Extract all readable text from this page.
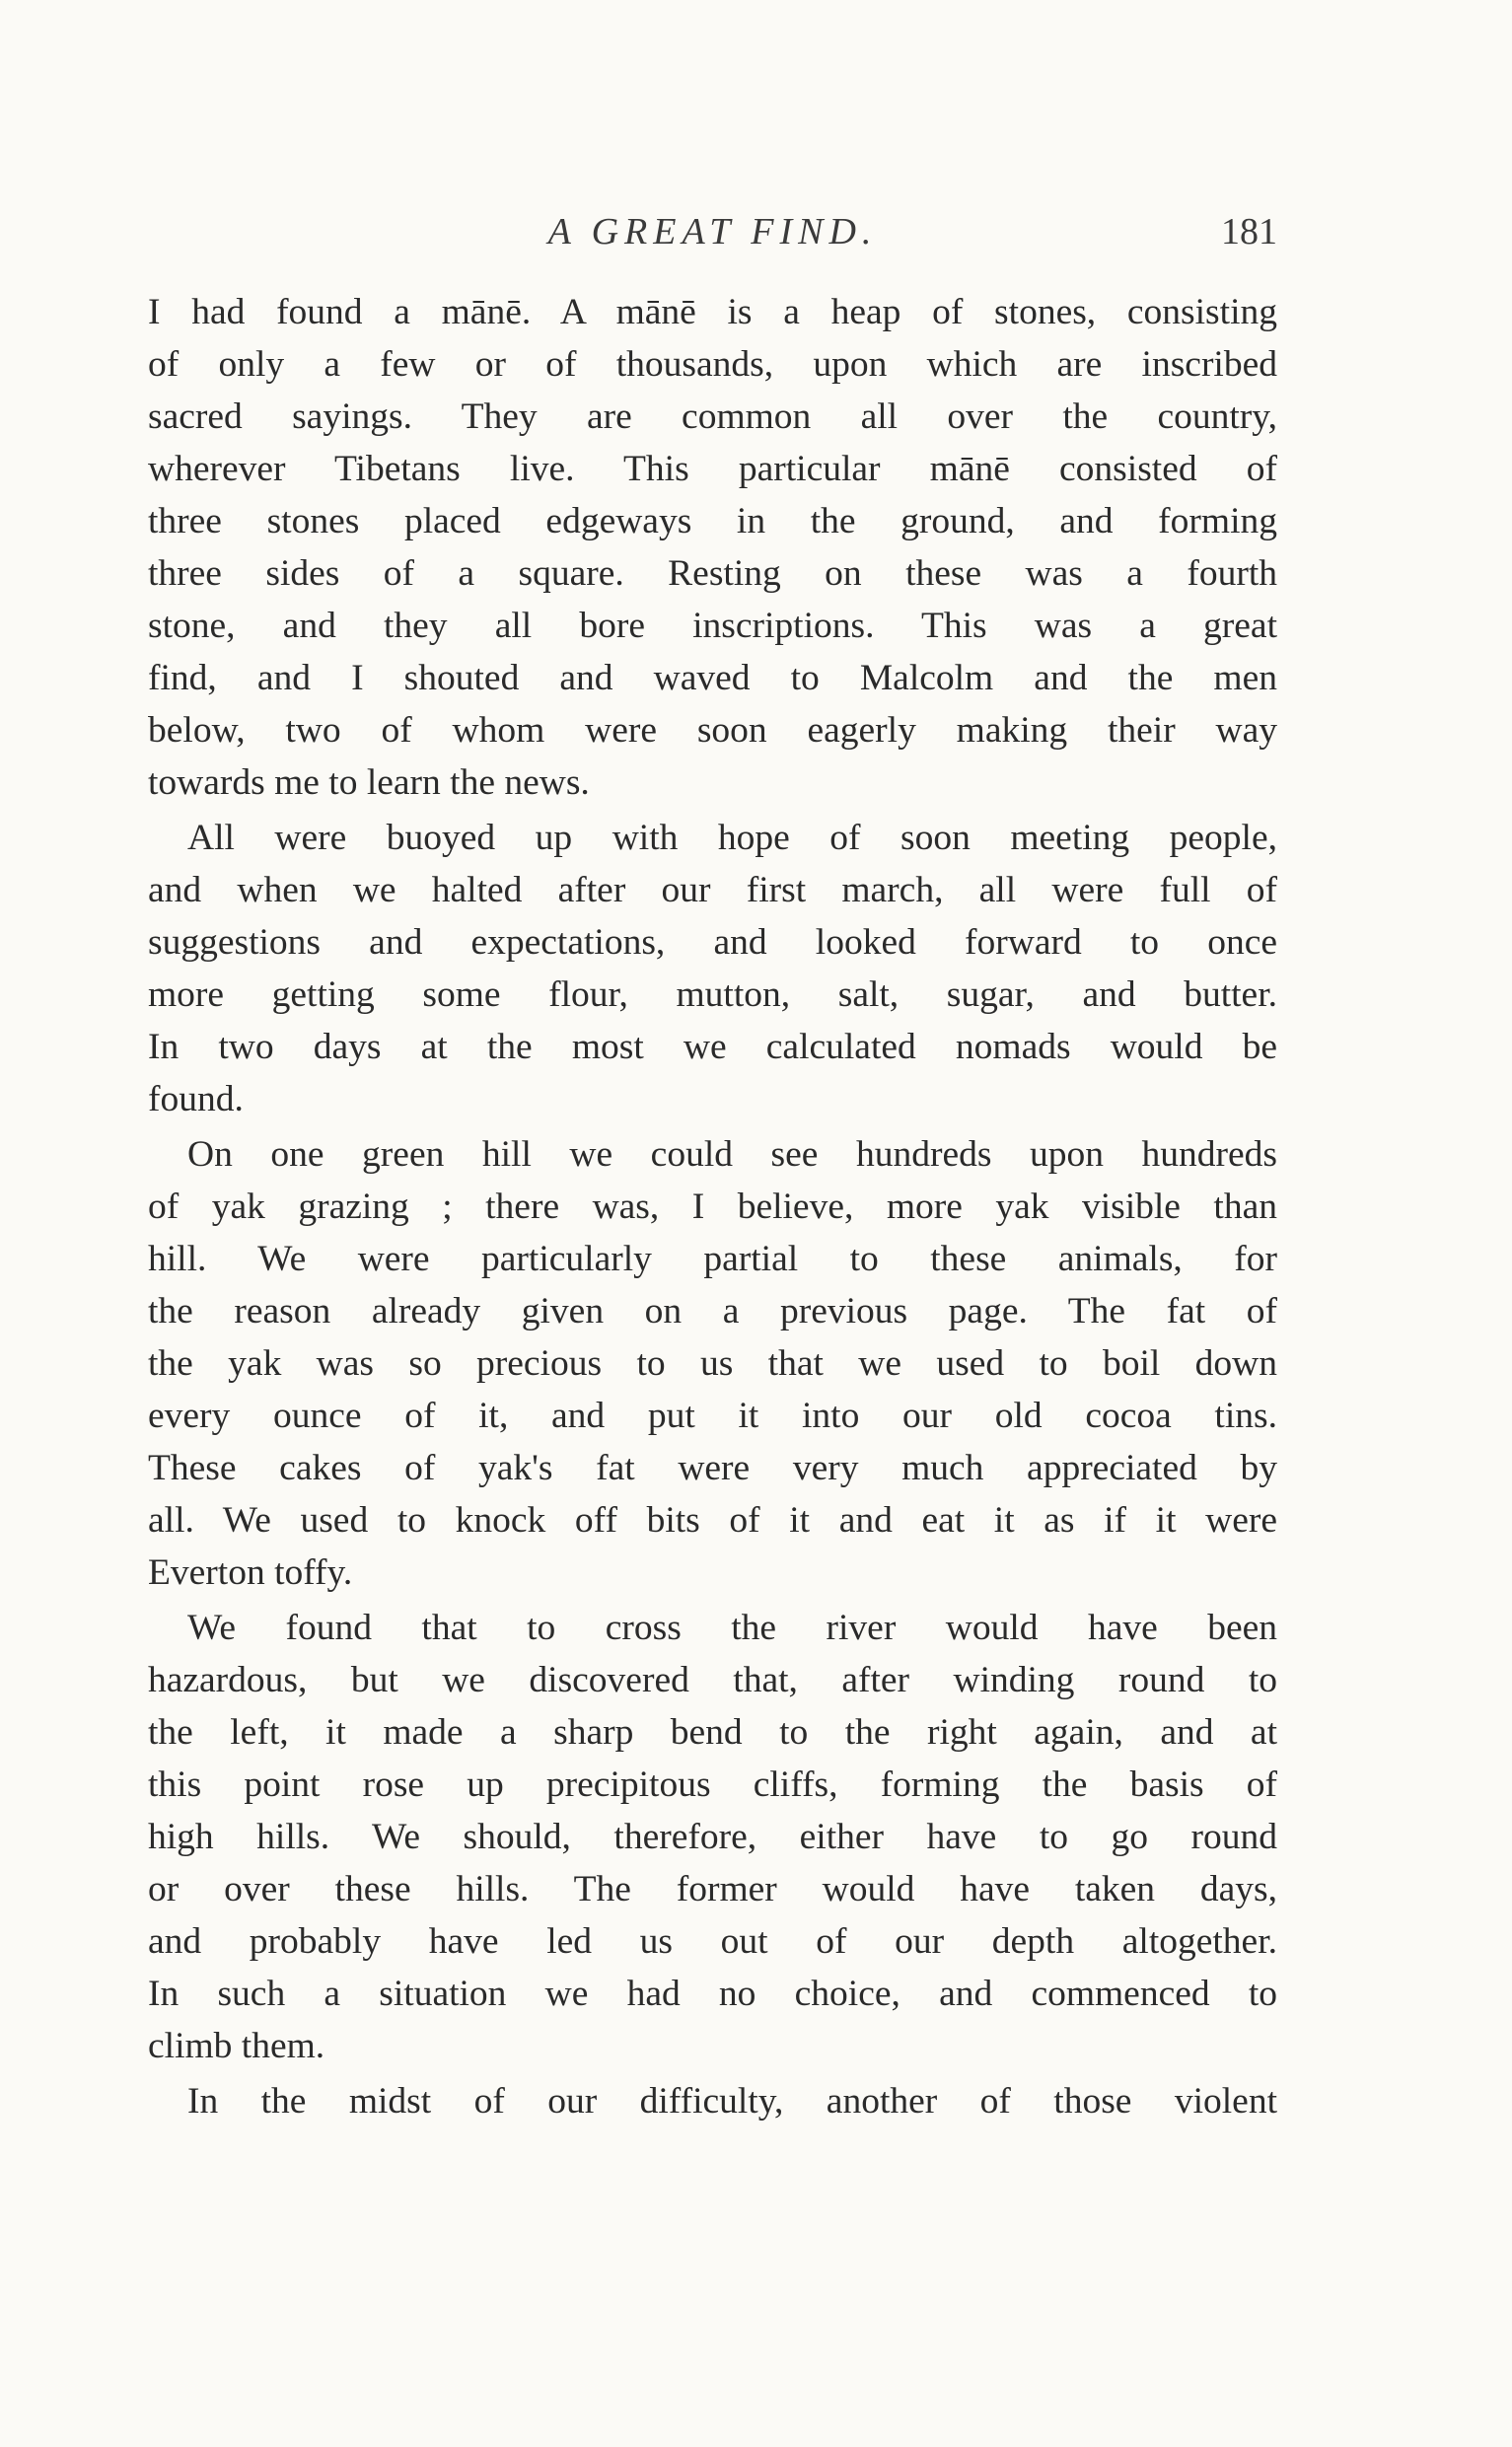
A GREAT FIND.	181
I had found a mānē. A mānē is a heap of stones, consisting
of only a few or of thousands, upon which are inscribed
sacred sayings. They are common all over the country,
wherever Tibetans live. This particular mānē consisted of
three stones placed edgeways in the ground, and forming
three sides of a square. Resting on these was a fourth
stone, and they all bore inscriptions. This was a great
find, and I shouted and waved to Malcolm and the men
below, two of whom were soon eagerly making their way
towards me to learn the news.
All were buoyed up with hope of soon meeting people,
and when we halted after our first march, all were full of
suggestions and expectations, and looked forward to once
more getting some flour, mutton, salt, sugar, and butter.
In two days at the most we calculated nomads would be
found.
On one green hill we could see hundreds upon hundreds
of yak grazing ; there was, I believe, more yak visible than
hill. We were particularly partial to these animals, for
the reason already given on a previous page. The fat of
the yak was so precious to us that we used to boil down
every ounce of it, and put it into our old cocoa tins.
These cakes of yak's fat were very much appreciated by
all. We used to knock off bits of it and eat it as if it were
Everton toffy.
We found that to cross the river would have been
hazardous, but we discovered that, after winding round to
the left, it made a sharp bend to the right again, and at
this point rose up precipitous cliffs, forming the basis of
high hills. We should, therefore, either have to go round
or over these hills. The former would have taken days,
and probably have led us out of our depth altogether.
In such a situation we had no choice, and commenced to
climb them.
In the midst of our difficulty, another of those violent
